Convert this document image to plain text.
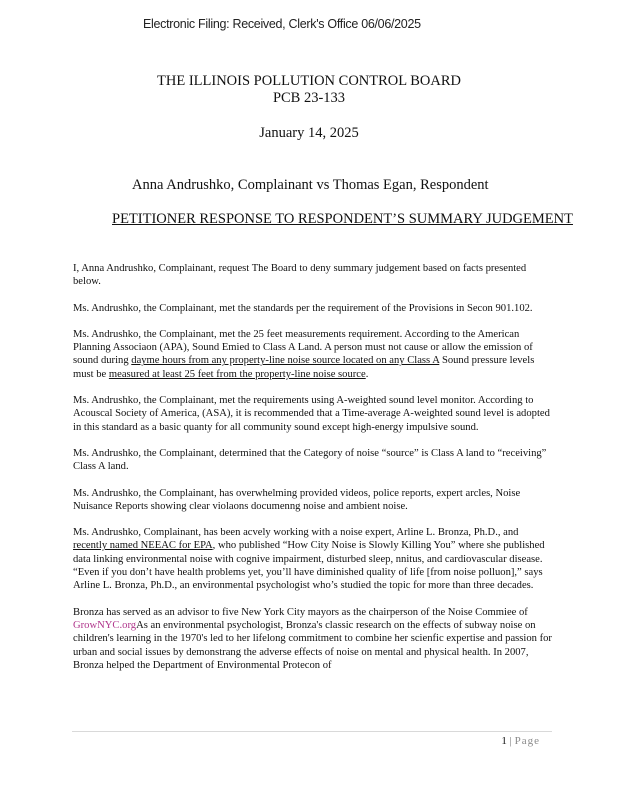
Electronic Filing: Received, Clerk's Office 06/06/2025
THE ILLINOIS POLLUTION CONTROL BOARD
PCB 23-133
January 14, 2025
Anna Andrushko, Complainant vs Thomas Egan, Respondent
PETITIONER RESPONSE TO RESPONDENT’S SUMMARY JUDGEMENT

I, Anna Andrushko, Complainant, request The Board to deny summary judgement based on facts presented below.

Ms. Andrushko, the Complainant, met the standards per the requirement of the Provisions in Secon 901.102.

Ms. Andrushko, the Complainant, met the 25 feet measurements requirement. According to the American Planning Associaon (APA), Sound Emied to Class A Land. A person must not cause or allow the emission of sound during dayme hours from any property-line noise source located on any Class A Sound pressure levels must be measured at least 25 feet from the property-line noise source.

Ms. Andrushko, the Complainant, met the requirements using A-weighted sound level monitor. According to Acouscal Society of America, (ASA), it is recommended that a Time-average A-weighted sound level is adopted in this standard as a basic quanty for all community sound except high-energy impulsive sound.

Ms. Andrushko, the Complainant, determined that the Category of noise “source” is Class A land to “receiving” Class A land.

Ms. Andrushko, the Complainant, has overwhelming provided videos, police reports, expert arcles, Noise Nuisance Reports showing clear violaons documenng noise and ambient noise.

Ms. Andrushko, Complainant, has been acvely working with a noise expert, Arline L. Bronza, Ph.D., and recently named NEEAC for EPA, who published “How City Noise is Slowly Killing You” where she published data linking environmental noise with cognive impairment, disturbed sleep, nnitus, and cardiovascular disease. “Even if you don’t have health problems yet, you’ll have diminished quality of life [from noise polluon],” says Arline L. Bronza, Ph.D., an environmental psychologist who’s studied the topic for more than three decades.

Bronza has served as an advisor to five New York City mayors as the chairperson of the Noise Commiee of GrowNYC.orgAs an environmental psychologist, Bronza's classic research on the effects of subway noise on children's learning in the 1970's led to her lifelong commitment to combine her scienfic expertise and passion for urban and social issues by demonstrang the adverse effects of noise on mental and physical health. In 2007, Bronza helped the Department of Environmental Protecon of

1 | Page
